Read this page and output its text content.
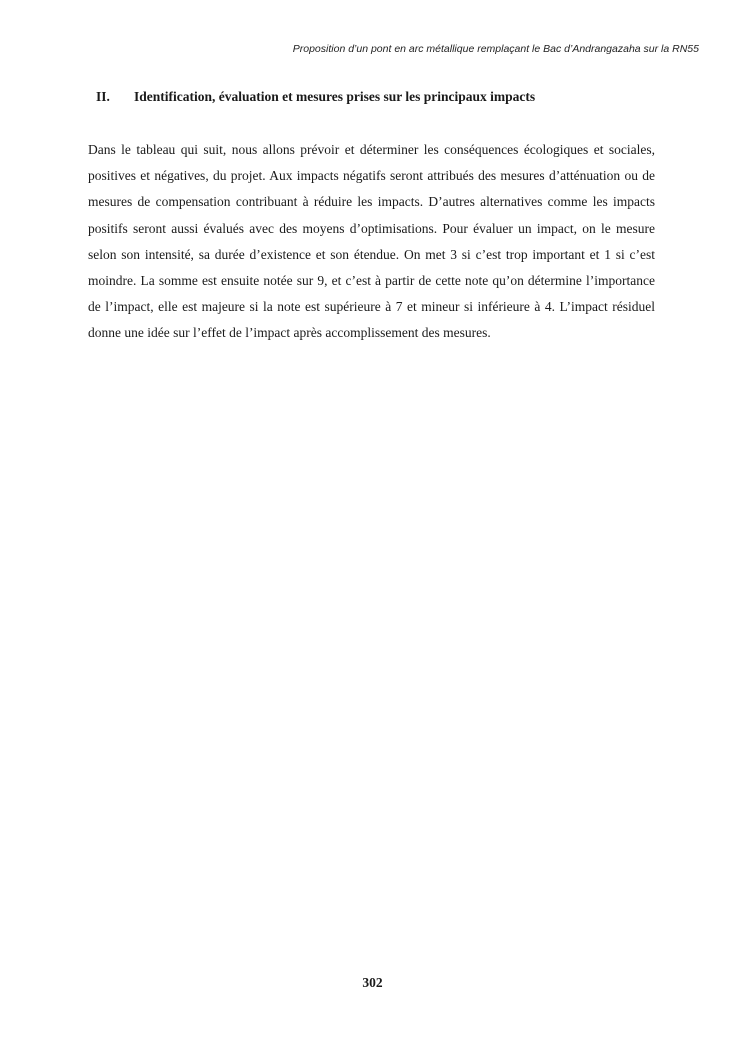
Proposition d’un pont en arc métallique remplaçant le Bac d’Andrangazaha sur la RN55
II. Identification, évaluation et mesures prises sur les principaux impacts

Dans le tableau qui suit, nous allons prévoir et déterminer les conséquences écologiques et sociales, positives et négatives, du projet. Aux impacts négatifs seront attribués des mesures d’atténuation ou de mesures de compensation contribuant à réduire les impacts. D’autres alternatives comme les impacts positifs seront aussi évalués avec des moyens d’optimisations. Pour évaluer un impact, on le mesure selon son intensité, sa durée d’existence et son étendue. On met 3 si c’est trop important et 1 si c’est moindre. La somme est ensuite notée sur 9, et c’est à partir de cette note qu’on détermine l’importance de l’impact, elle est majeure si la note est supérieure à 7 et mineur si inférieure à 4. L’impact résiduel donne une idée sur l’effet de l’impact après accomplissement des mesures.

302
